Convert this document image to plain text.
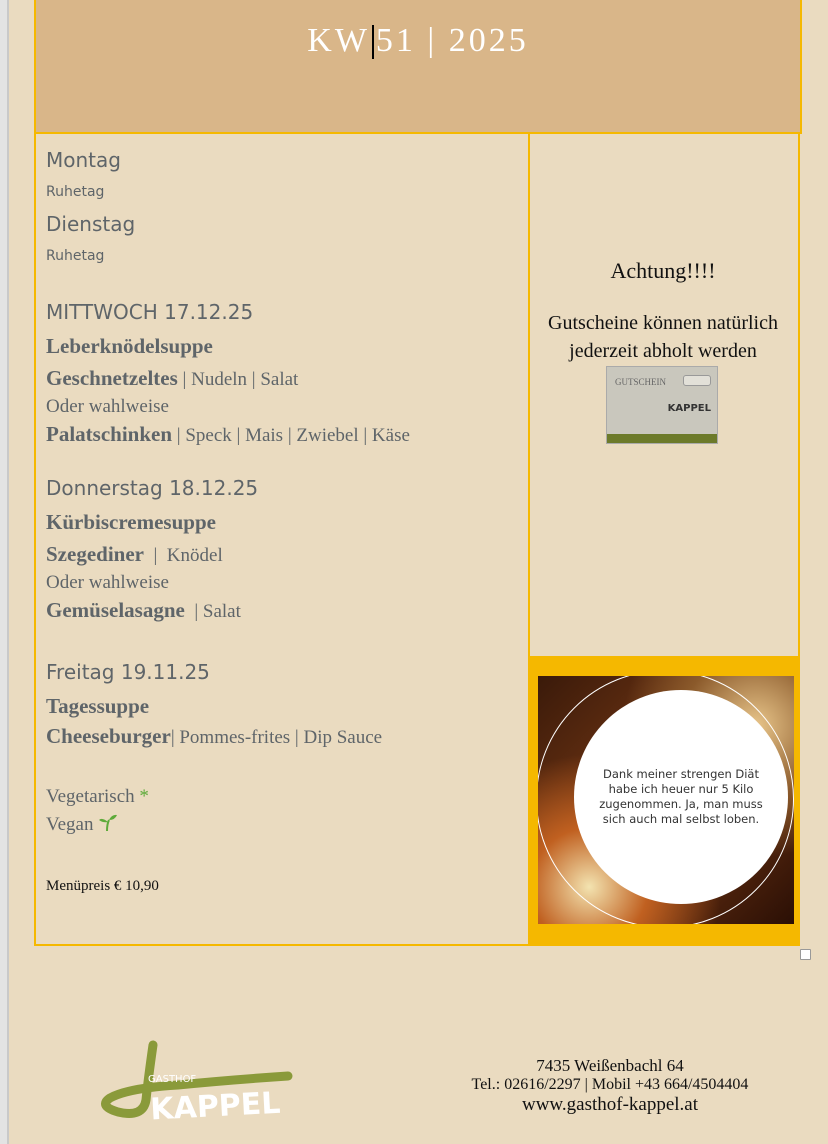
KW 51 | 2025
Montag
Ruhetag
Dienstag
Ruhetag
MITTWOCH 17.12.25
Leberknödelsuppe
Geschnetzeltes | Nudeln | Salat
Oder wahlweise
Palatschinken | Speck | Mais | Zwiebel | Käse
Donnerstag 18.12.25
Kürbiscremesuppe
Szegediner  |  Knödel
Oder wahlweise
Gemüselasagne  | Salat
Freitag 19.11.25
Tagessuppe
Cheeseburger| Pommes-frites | Dip Sauce
Vegetarisch *
Vegan
Menüpreis € 10,90
Achtung!!!!
Gutscheine können natürlich
jederzeit abholt werden
GUTSCHEIN
KAPPEL
Dank meiner strengen Diät habe ich heuer nur 5 Kilo zugenommen. Ja, man muss sich auch mal selbst loben.
GASTHOF
KAPPEL
7435 Weißenbachl 64
Tel.: 02616/2297 | Mobil +43 664/4504404
www.gasthof-kappel.at
